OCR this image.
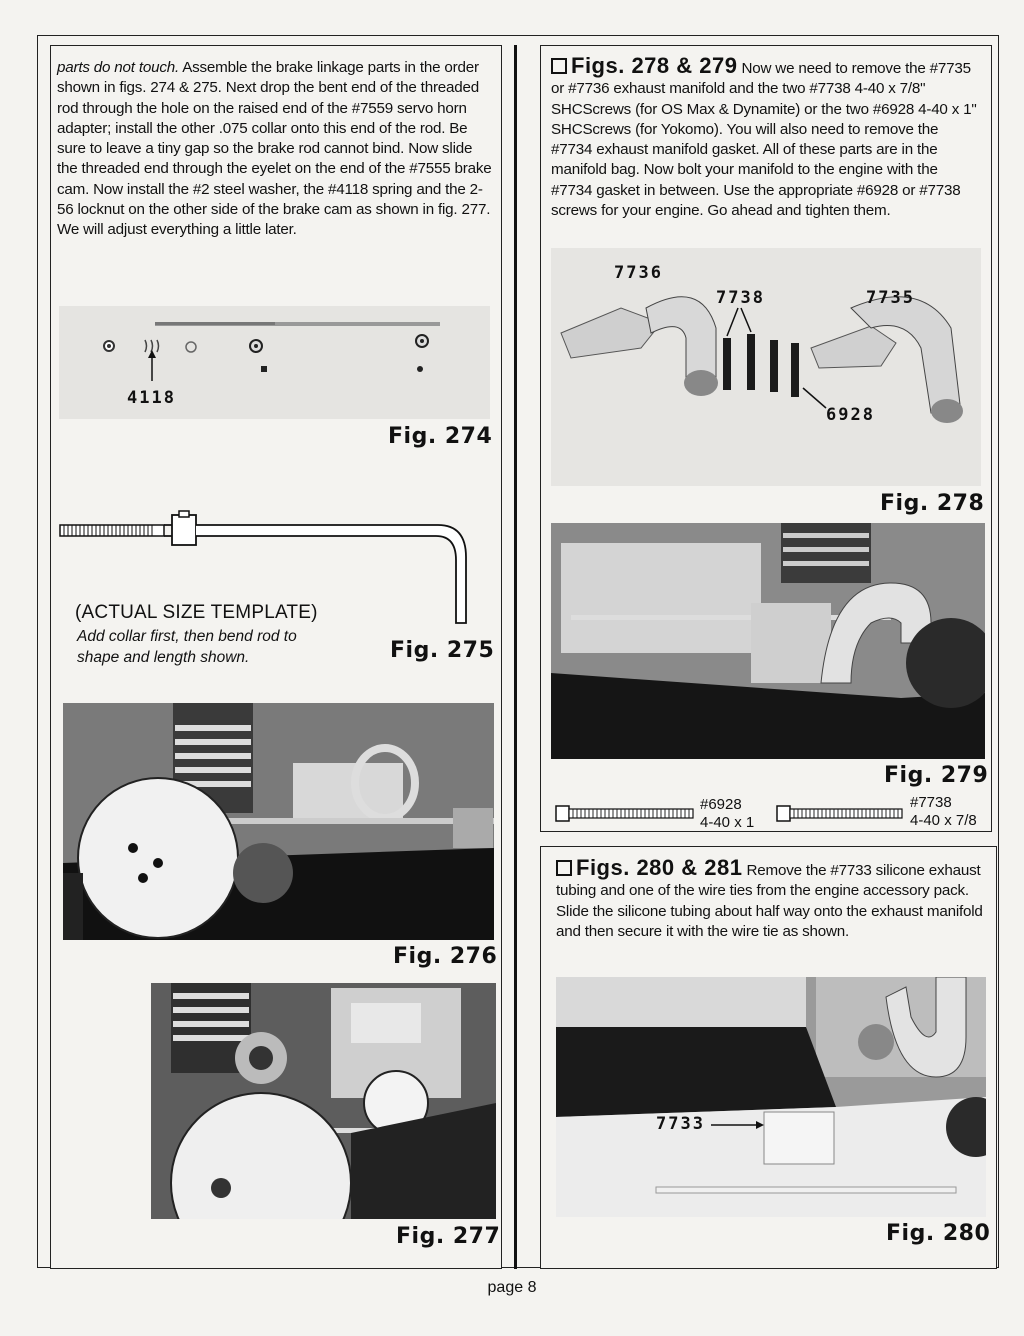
parts do not touch. Assemble the brake linkage parts in the order shown in figs. 274 & 275. Next drop the bent end of the threaded rod through the hole on the raised end of the #7559 servo horn adapter; install the other .075 collar onto this end of the rod. Be sure to leave a tiny gap so the brake rod cannot bind. Now slide the threaded end through the eyelet on the end of the #7555 brake cam. Now install the #2 steel washer, the #4118 spring and the 2-56 locknut on the other side of the brake cam as shown in fig. 277. We will adjust everything a little later.
4118
Fig. 274
(ACTUAL SIZE TEMPLATE)
Add collar first, then bend rod to
shape and length shown.	Fig. 275
Fig. 276
Fig. 277
Figs. 278 & 279 Now we need to remove the #7735 or #7736 exhaust manifold and the two #7738 4-40 x 7/8" SHCScrews (for OS Max & Dynamite) or the two #6928 4-40 x 1" SHCScrews (for Yokomo). You will also need to remove the #7734 exhaust manifold gasket. All of these parts are in the manifold bag. Now bolt your manifold to the engine with the #7734 gasket in between. Use the appropriate #6928 or #7738 screws for your engine. Go ahead and tighten them.
7736
7738	7735
6928
Fig. 278
Fig. 279
#6928
4-40 x 1
#7738
4-40 x 7/8
Figs. 280 & 281 Remove the #7733 silicone exhaust tubing and one of the wire ties from the engine accessory pack. Slide the silicone tubing about half way onto the exhaust manifold and then secure it with the wire tie as shown.
7733
Fig. 280
page 8
